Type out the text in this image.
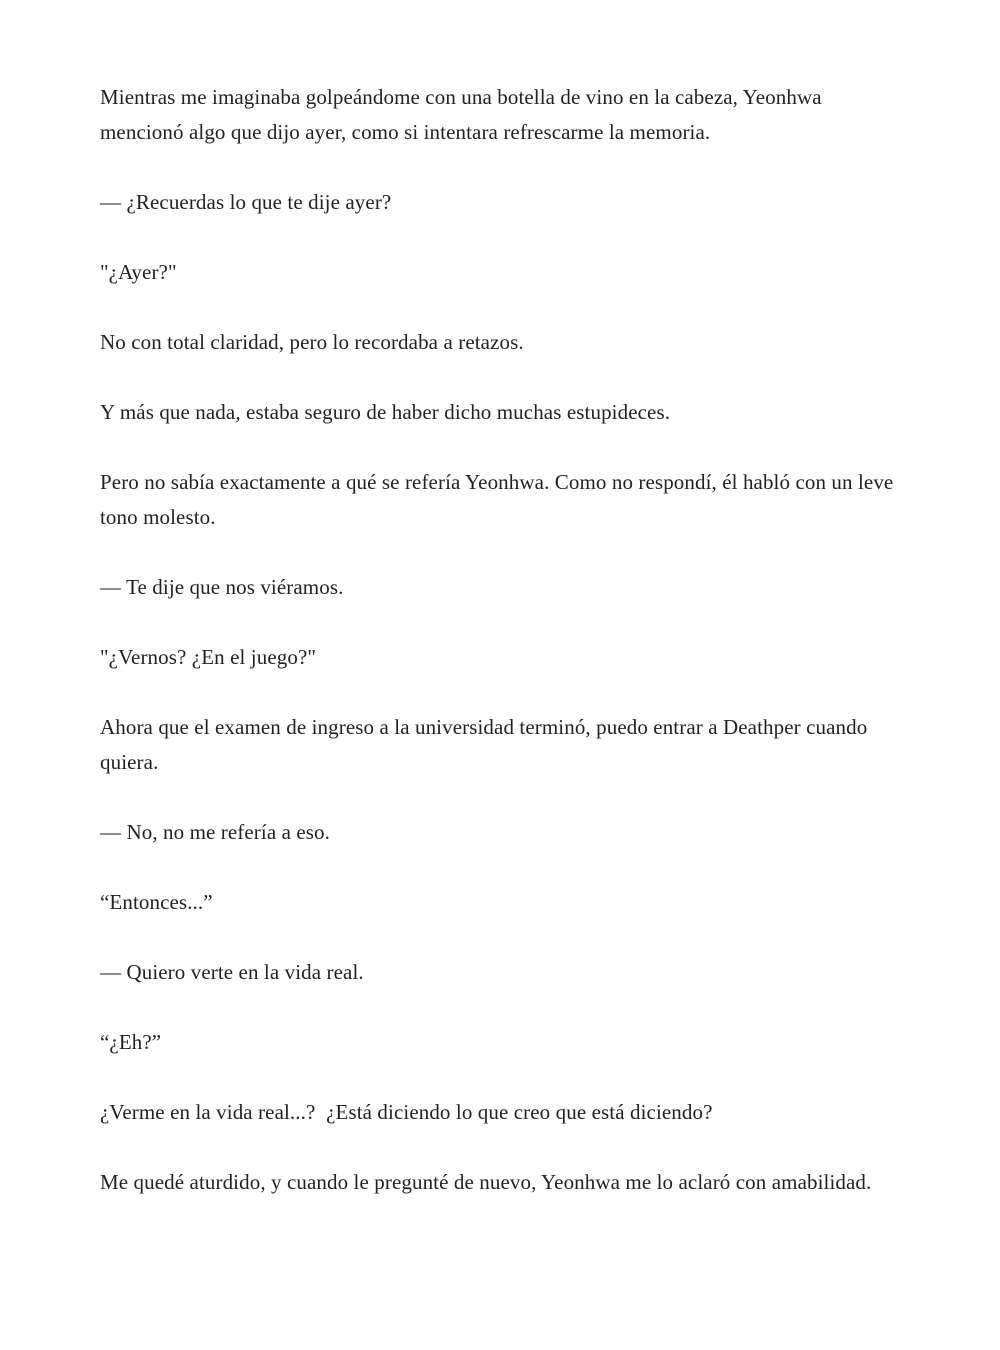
Mientras me imaginaba golpeándome con una botella de vino en la cabeza, Yeonhwa mencionó algo que dijo ayer, como si intentara refrescarme la memoria.

— ¿Recuerdas lo que te dije ayer?

"¿Ayer?"

No con total claridad, pero lo recordaba a retazos.

Y más que nada, estaba seguro de haber dicho muchas estupideces.

Pero no sabía exactamente a qué se refería Yeonhwa. Como no respondí, él habló con un leve tono molesto.

— Te dije que nos viéramos.

"¿Vernos? ¿En el juego?"

Ahora que el examen de ingreso a la universidad terminó, puedo entrar a Deathper cuando quiera.

— No, no me refería a eso.

“Entonces...”

— Quiero verte en la vida real.

“¿Eh?”

¿Verme en la vida real...?  ¿Está diciendo lo que creo que está diciendo?

Me quedé aturdido, y cuando le pregunté de nuevo, Yeonhwa me lo aclaró con amabilidad.
